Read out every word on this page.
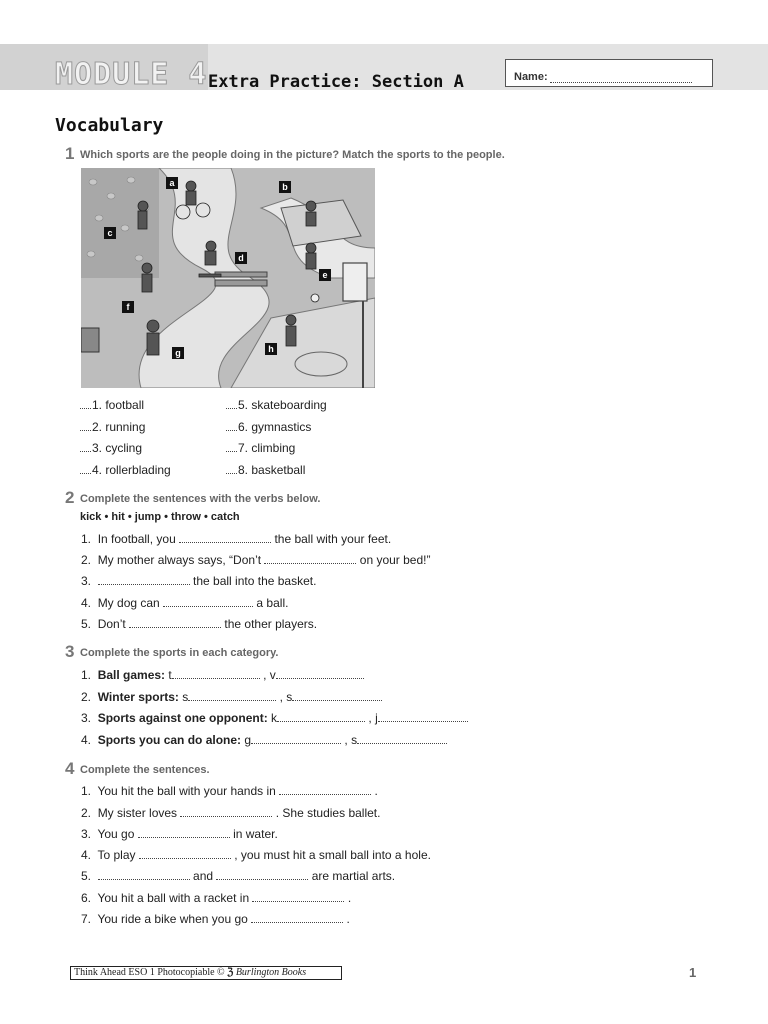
MODULE 4 Extra Practice: Section A	Name:
Vocabulary
1 Which sports are the people doing in the picture? Match the sports to the people.
a	b
c
d
e
f
g	h
1. football
2. running
3. cycling
4. rollerblading
5. skateboarding
6. gymnastics
7. climbing
8. basketball
2 Complete the sentences with the verbs below.
kick • hit • jump • throw • catch
1. In football, you	the ball with your feet.
2. My mother always says, “Don’t	on your bed!”
3.	the ball into the basket.
4. My dog can	a ball.
5. Don’t	the other players.
3 Complete the sports in each category.
1. Ball games: t	, v
2. Winter sports: s	, s
3. Sports against one opponent: k	, j
4. Sports you can do alone: g	, s
4 Complete the sentences.
1. You hit the ball with your hands in	.
2. My sister loves	. She studies ballet.
3. You go	in water.
4. To play	, you must hit a small ball into a hole.
5.	and	are martial arts.
6. You hit a ball with a racket in	.
7. You ride a bike when you go	.
Think Ahead ESO 1 Photocopiable © ℨ Burlington Books	1
